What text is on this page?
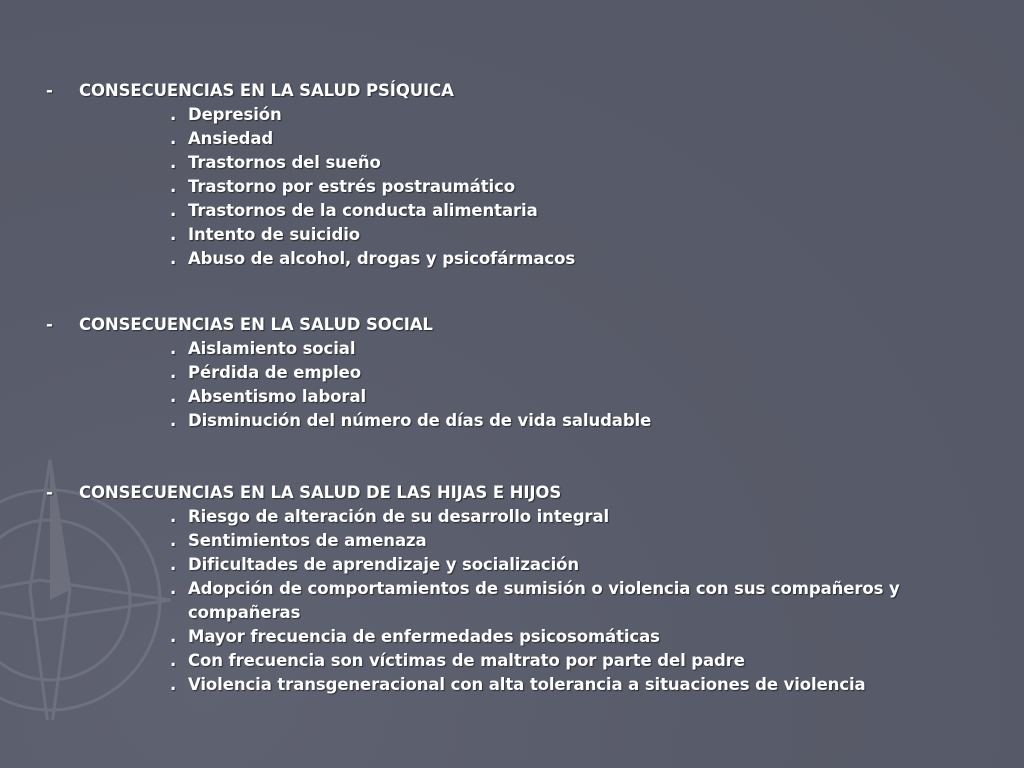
-	CONSECUENCIAS EN LA SALUD PSÍQUICA
. Depresión
. Ansiedad
. Trastornos del sueño
. Trastorno por estrés postraumático
. Trastornos de la conducta alimentaria
. Intento de suicidio
. Abuso de alcohol, drogas y psicofármacos
-	CONSECUENCIAS EN LA SALUD SOCIAL
. Aislamiento social
. Pérdida de empleo
. Absentismo laboral
. Disminución del número de días de vida saludable
-	CONSECUENCIAS EN LA SALUD DE LAS HIJAS E HIJOS
. Riesgo de alteración de su desarrollo integral
. Sentimientos de amenaza
. Dificultades de aprendizaje y socialización
. Adopción de comportamientos de sumisión o violencia con sus compañeros y compañeras
. Mayor frecuencia de enfermedades psicosomáticas
. Con frecuencia son víctimas de maltrato por parte del padre
. Violencia transgeneracional con alta tolerancia a situaciones de violencia
